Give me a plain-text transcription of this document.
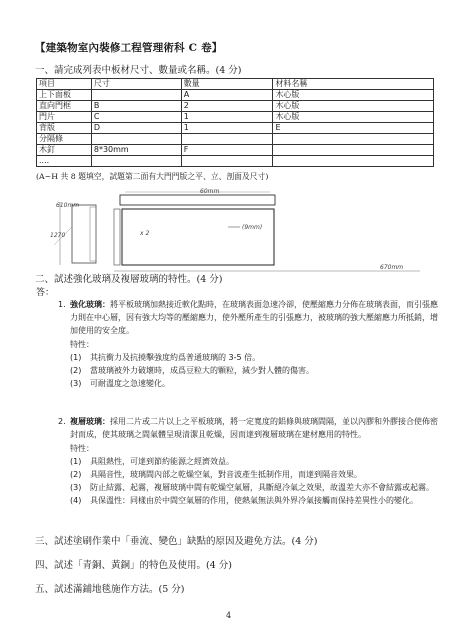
【建築物室內裝修工程管理術科 C 卷】
一、請完成列表中板材尺寸、數量或名稱。(4 分)
項目	尺寸	數量	材料名稱
上下面板		A	木心版
直向門框	B	2	木心版
門片	C	1	木心版
背版	D	1	E
分隔條			
木釘	8*30mm	F	
....			
(A~H 共 8 題填空，試題第二面有大門門版之平、立、剖面及尺寸)
60mm
610mm
1270	ⅹ 2
(9mm)
670mm
二、試述強化玻璃及複層玻璃的特性。(4 分)
答：
1. 強化玻璃：將平板玻璃加熱接近軟化點時，在玻璃表面急速冷卻，使壓縮應力分佈在玻璃表面，而引張應力則在中心層，因有強大均等的壓縮應力，使外壓所產生的引張應力，被玻璃的強大壓縮應力所抵銷，增加使用的安全度。
特性：
(1)	其抗衝力及抗撓擊強度約爲普通玻璃的 3-5 倍。
(2)	當玻璃被外力破壞時，成爲豆粒大的顆粒，減少對人體的傷害。
(3)	可耐溫度之急速變化。
2. 複層玻璃：採用二片或二片以上之平板玻璃，將一定寬度的鋁條與玻璃間隔，並以內膠和外膠接合使佈密封而成，使其玻璃之間氣體呈現清潔且乾燥，因而達到複層玻璃在建材應用的特性。
特性：
(1)	具阻熱性，可達到節約能源之經濟效益。
(2)	具隔音性，玻璃間內部之乾燥空氣，對音波產生抵制作用，而達到隔音效果。
(3)	防止結露、起霧，複層玻璃中間有乾燥空氣層，具斷絕冷氣之效果，故溫差大亦不會結露或起霧。
(4)	具保溫性：同樣由於中間空氣層的作用，使熱氣無法與外界冷氣接觸而保持差異性小的變化。
三、試述塗刷作業中「垂流、變色」缺點的原因及避免方法。(4 分)
四、試述「青銅、黃銅」的特色及使用。(4 分)
五、試述滿鋪地毯施作方法。(5 分)
4
